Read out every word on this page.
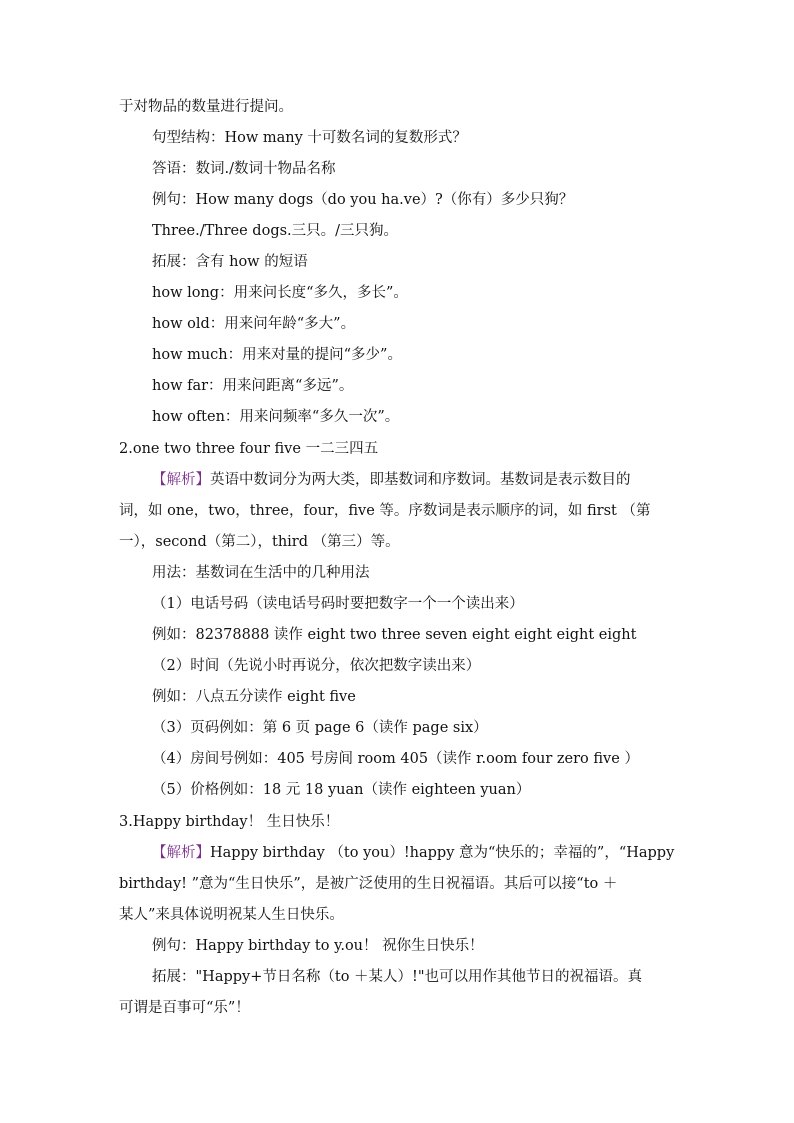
于对物品的数量进行提问。
句型结构：How many 十可数名词的复数形式？
答语：数词./数词十物品名称
例句：How many dogs（do you ha.ve）?（你有）多少只狗？
Three./Three dogs.三只。/三只狗。
拓展：含有 how 的短语
how long：用来问长度“多久，多长”。
how old：用来问年龄“多大”。
how much：用来对量的提问“多少”。
how far：用来问距离“多远”。
how often：用来问频率“多久一次”。
2.one two three four five 一二三四五
【解析】英语中数词分为两大类，即基数词和序数词。基数词是表示数目的
词，如 one，two，three，four，five 等。序数词是表示顺序的词，如 first （第
一），second（第二），third （第三）等。
用法：基数词在生活中的几种用法
（1）电话号码（读电话号码时要把数字一个一个读出来）
例如：82378888 读作 eight two three seven eight eight eight eight
（2）时间（先说小时再说分，依次把数字读出来）
例如：八点五分读作 eight five
（3）页码例如：第 6 页 page 6（读作 page six）
（4）房间号例如：405 号房间 room 405（读作 r.oom four zero five ）
（5）价格例如：18 元 18 yuan（读作 eighteen yuan）
3.Happy birthday！ 生日快乐！
【解析】Happy birthday （to you）!happy 意为“快乐的；幸福的”，“Happy
birthday! ”意为“生日快乐”，是被广泛使用的生日祝福语。其后可以接“to ＋
某人”来具体说明祝某人生日快乐。
例句：Happy birthday to y.ou！ 祝你生日快乐！
拓展："Happy+节日名称（to ＋某人）!"也可以用作其他节日的祝福语。真
可谓是百事可“乐”！
